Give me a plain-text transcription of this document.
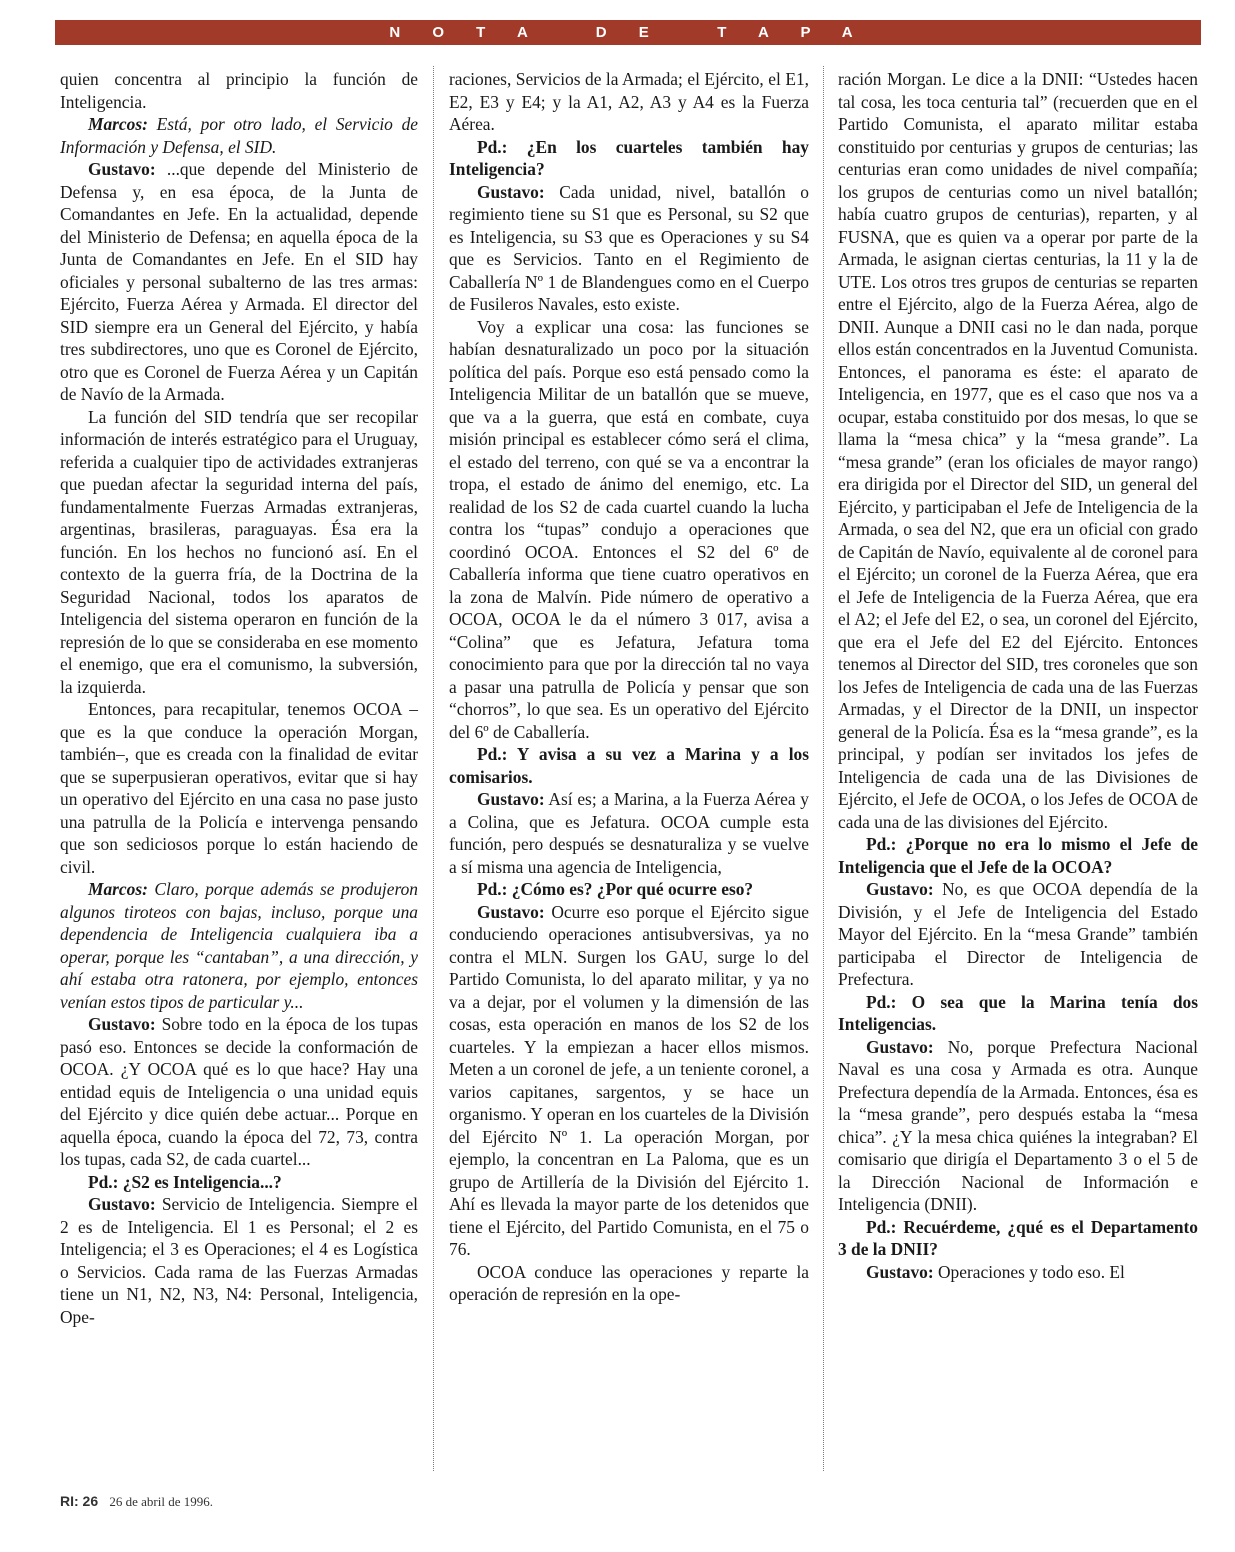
N O T A   D E   T A P A

quien concentra al principio la función de Inteligencia.

Marcos: Está, por otro lado, el Servicio de Información y Defensa, el SID.

Gustavo: ...que depende del Ministerio de Defensa y, en esa época, de la Junta de Comandantes en Jefe. En la actualidad, depende del Ministerio de Defensa; en aquella época de la Junta de Comandantes en Jefe. En el SID hay oficiales y personal subalterno de las tres armas: Ejército, Fuerza Aérea y Armada. El director del SID siempre era un General del Ejército, y había tres subdirectores, uno que es Coronel de Ejército, otro que es Coronel de Fuerza Aérea y un Capitán de Navío de la Armada.

La función del SID tendría que ser recopilar información de interés estratégico para el Uruguay, referida a cualquier tipo de actividades extranjeras que puedan afectar la seguridad interna del país, fundamentalmente Fuerzas Armadas extranjeras, argentinas, brasileras, paraguayas. Ésa era la función. En los hechos no funcionó así. En el contexto de la guerra fría, de la Doctrina de la Seguridad Nacional, todos los aparatos de Inteligencia del sistema operaron en función de la represión de lo que se consideraba en ese momento el enemigo, que era el comunismo, la subversión, la izquierda.

Entonces, para recapitular, tenemos OCOA –que es la que conduce la operación Morgan, también–, que es creada con la finalidad de evitar que se superpusieran operativos, evitar que si hay un operativo del Ejército en una casa no pase justo una patrulla de la Policía e intervenga pensando que son sediciosos porque lo están haciendo de civil.

Marcos: Claro, porque además se produjeron algunos tiroteos con bajas, incluso, porque una dependencia de Inteligencia cualquiera iba a operar, porque les “cantaban”, a una dirección, y ahí estaba otra ratonera, por ejemplo, entonces venían estos tipos de particular y...

Gustavo: Sobre todo en la época de los tupas pasó eso. Entonces se decide la conformación de OCOA. ¿Y OCOA qué es lo que hace? Hay una entidad equis de Inteligencia o una unidad equis del Ejército y dice quién debe actuar... Porque en aquella época, cuando la época del 72, 73, contra los tupas, cada S2, de cada cuartel...

Pd.: ¿S2 es Inteligencia...?

Gustavo: Servicio de Inteligencia. Siempre el 2 es de Inteligencia. El 1 es Personal; el 2 es Inteligencia; el 3 es Operaciones; el 4 es Logística o Servicios. Cada rama de las Fuerzas Armadas tiene un N1, N2, N3, N4: Personal, Inteligencia, Ope-

raciones, Servicios de la Armada; el Ejército, el E1, E2, E3 y E4; y la A1, A2, A3 y A4 es la Fuerza Aérea.

Pd.: ¿En los cuarteles también hay Inteligencia?

Gustavo: Cada unidad, nivel, batallón o regimiento tiene su S1 que es Personal, su S2 que es Inteligencia, su S3 que es Operaciones y su S4 que es Servicios. Tanto en el Regimiento de Caballería Nº 1 de Blandengues como en el Cuerpo de Fusileros Navales, esto existe.

Voy a explicar una cosa: las funciones se habían desnaturalizado un poco por la situación política del país. Porque eso está pensado como la Inteligencia Militar de un batallón que se mueve, que va a la guerra, que está en combate, cuya misión principal es establecer cómo será el clima, el estado del terreno, con qué se va a encontrar la tropa, el estado de ánimo del enemigo, etc. La realidad de los S2 de cada cuartel cuando la lucha contra los “tupas” condujo a operaciones que coordinó OCOA. Entonces el S2 del 6º de Caballería informa que tiene cuatro operativos en la zona de Malvín. Pide número de operativo a OCOA, OCOA le da el número 3 017, avisa a “Colina” que es Jefatura, Jefatura toma conocimiento para que por la dirección tal no vaya a pasar una patrulla de Policía y pensar que son “chorros”, lo que sea. Es un operativo del Ejército del 6º de Caballería.

Pd.: Y avisa a su vez a Marina y a los comisarios.

Gustavo: Así es; a Marina, a la Fuerza Aérea y a Colina, que es Jefatura. OCOA cumple esta función, pero después se desnaturaliza y se vuelve a sí misma una agencia de Inteligencia,

Pd.: ¿Cómo es? ¿Por qué ocurre eso?

Gustavo: Ocurre eso porque el Ejército sigue conduciendo operaciones antisubversivas, ya no contra el MLN. Surgen los GAU, surge lo del Partido Comunista, lo del aparato militar, y ya no va a dejar, por el volumen y la dimensión de las cosas, esta operación en manos de los S2 de los cuarteles. Y la empiezan a hacer ellos mismos. Meten a un coronel de jefe, a un teniente coronel, a varios capitanes, sargentos, y se hace un organismo. Y operan en los cuarteles de la División del Ejército Nº 1. La operación Morgan, por ejemplo, la concentran en La Paloma, que es un grupo de Artillería de la División del Ejército 1. Ahí es llevada la mayor parte de los detenidos que tiene el Ejército, del Partido Comunista, en el 75 o 76.

OCOA conduce las operaciones y reparte la operación de represión en la ope-

ración Morgan. Le dice a la DNII: “Ustedes hacen tal cosa, les toca centuria tal” (recuerden que en el Partido Comunista, el aparato militar estaba constituido por centurias y grupos de centurias; las centurias eran como unidades de nivel compañía; los grupos de centurias como un nivel batallón; había cuatro grupos de centurias), reparten, y al FUSNA, que es quien va a operar por parte de la Armada, le asignan ciertas centurias, la 11 y la de UTE. Los otros tres grupos de centurias se reparten entre el Ejército, algo de la Fuerza Aérea, algo de DNII. Aunque a DNII casi no le dan nada, porque ellos están concentrados en la Juventud Comunista. Entonces, el panorama es éste: el aparato de Inteligencia, en 1977, que es el caso que nos va a ocupar, estaba constituido por dos mesas, lo que se llama la “mesa chica” y la “mesa grande”. La “mesa grande” (eran los oficiales de mayor rango) era dirigida por el Director del SID, un general del Ejército, y participaban el Jefe de Inteligencia de la Armada, o sea del N2, que era un oficial con grado de Capitán de Navío, equivalente al de coronel para el Ejército; un coronel de la Fuerza Aérea, que era el Jefe de Inteligencia de la Fuerza Aérea, que era el A2; el Jefe del E2, o sea, un coronel del Ejército, que era el Jefe del E2 del Ejército. Entonces tenemos al Director del SID, tres coroneles que son los Jefes de Inteligencia de cada una de las Fuerzas Armadas, y el Director de la DNII, un inspector general de la Policía. Ésa es la “mesa grande”, es la principal, y podían ser invitados los jefes de Inteligencia de cada una de las Divisiones de Ejército, el Jefe de OCOA, o los Jefes de OCOA de cada una de las divisiones del Ejército.

Pd.: ¿Porque no era lo mismo el Jefe de Inteligencia que el Jefe de la OCOA?

Gustavo: No, es que OCOA dependía de la División, y el Jefe de Inteligencia del Estado Mayor del Ejército. En la “mesa Grande” también participaba el Director de Inteligencia de Prefectura.

Pd.: O sea que la Marina tenía dos Inteligencias.

Gustavo: No, porque Prefectura Nacional Naval es una cosa y Armada es otra. Aunque Prefectura dependía de la Armada. Entonces, ésa es la “mesa grande”, pero después estaba la “mesa chica”. ¿Y la mesa chica quiénes la integraban? El comisario que dirigía el Departamento 3 o el 5 de la Dirección Nacional de Información e Inteligencia (DNII).

Pd.: Recuérdeme, ¿qué es el Departamento 3 de la DNII?

Gustavo: Operaciones y todo eso. El

RI: 26 26 de abril de 1996.
